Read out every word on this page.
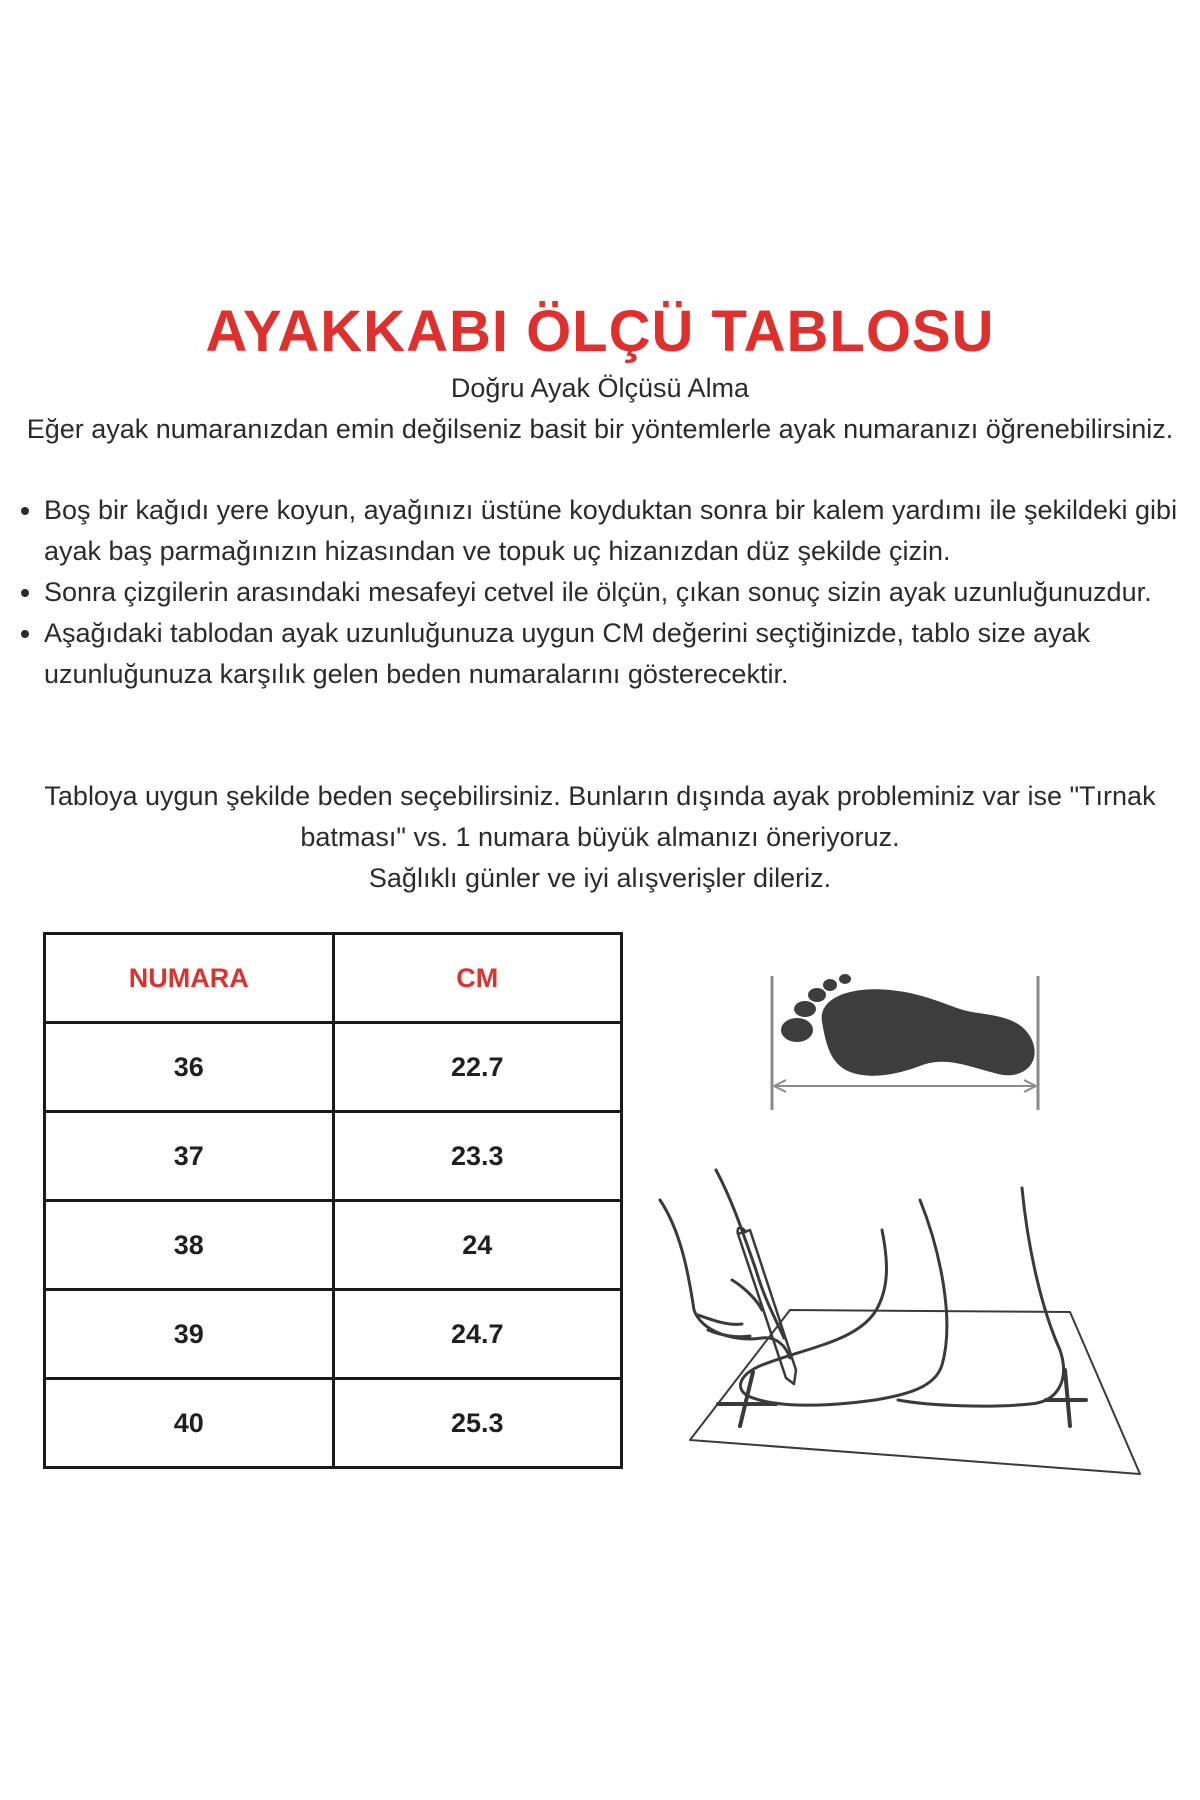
AYAKKABI ÖLÇÜ TABLOSU

Doğru Ayak Ölçüsü Alma

Eğer ayak numaranızdan emin değilseniz basit bir yöntemlerle ayak numaranızı öğrenebilirsiniz.

• Boş bir kağıdı yere koyun, ayağınızı üstüne koyduktan sonra bir kalem yardımı ile şekildeki gibi ayak baş parmağınızın hizasından ve topuk uç hizanızdan düz şekilde çizin.
• Sonra çizgilerin arasındaki mesafeyi cetvel ile ölçün, çıkan sonuç sizin ayak uzunluğunuzdur.
• Aşağıdaki tablodan ayak uzunluğunuza uygun CM değerini seçtiğinizde, tablo size ayak uzunluğunuza karşılık gelen beden numaralarını gösterecektir.

Tabloya uygun şekilde beden seçebilirsiniz. Bunların dışında ayak probleminiz var ise "Tırnak batması" vs. 1 numara büyük almanızı öneriyoruz.

Sağlıklı günler ve iyi alışverişler dileriz.

NUMARA	CM
36	22.7
37	23.3
38	24
39	24.7
40	25.3
